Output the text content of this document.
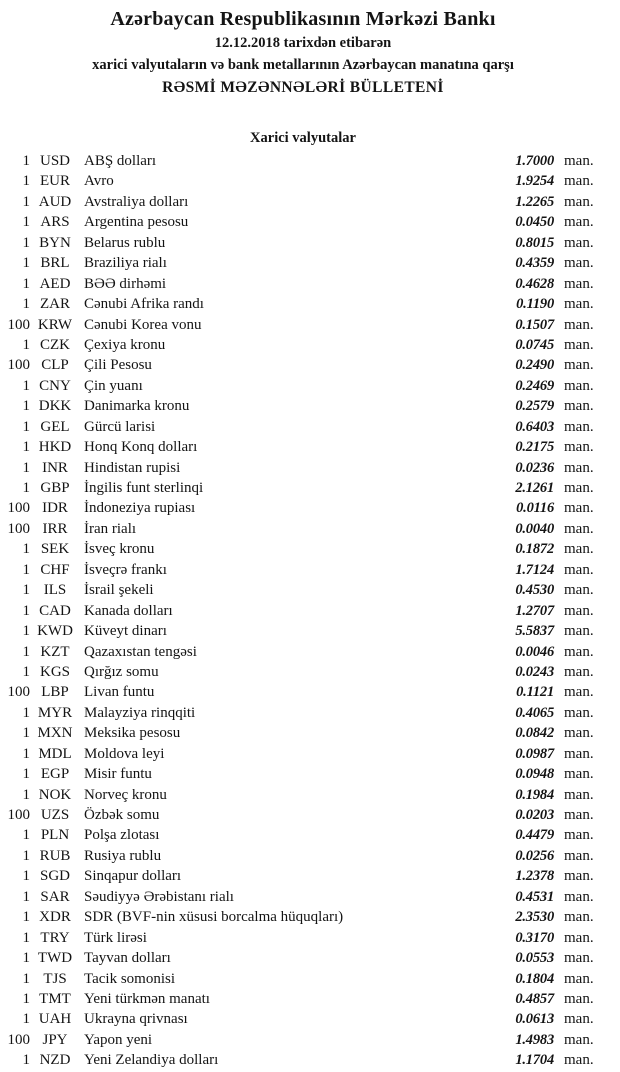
Azərbaycan Respublikasının Mərkəzi Bankı
12.12.2018 tarixdən etibarən
xarici valyutaların və bank metallarının Azərbaycan manatına qarşı
RƏSMİ MƏZƏNNƏLƏRİ BÜLLETENİ
Xarici valyutalar
1 USD ABŞ dolları	1.7000 man.
1 EUR Avro	1.9254 man.
1 AUD Avstraliya dolları	1.2265 man.
1 ARS Argentina pesosu	0.0450 man.
1 BYN Belarus rublu	0.8015 man.
1 BRL Braziliya rialı	0.4359 man.
1 AED BƏƏ dirhəmi	0.4628 man.
1 ZAR Cənubi Afrika randı	0.1190 man.
100 KRW Cənubi Korea vonu	0.1507 man.
1 CZK Çexiya kronu	0.0745 man.
100 CLP	Çili Pesosu	0.2490 man.
1 CNY Çin yuanı	0.2469 man.
1 DKK Danimarka kronu	0.2579 man.
1 GEL Gürcü larisi	0.6403 man.
1 HKD Honq Konq dolları	0.2175 man.
1 INR	Hindistan rupisi	0.0236 man.
1 GBP İngilis funt sterlinqi	2.1261 man.
100 IDR	İndoneziya rupiası	0.0116 man.
100 IRR	İran rialı	0.0040 man.
1 SEK İsveç kronu	0.1872 man.
1 CHF İsveçrə frankı	1.7124 man.
1 ILS	İsrail şekeli	0.4530 man.
1 CAD Kanada dolları	1.2707 man.
1 KWD Küveyt dinarı	5.5837 man.
1 KZT Qazaxıstan tengəsi	0.0046 man.
1 KGS Qırğız somu	0.0243 man.
100 LBP	Livan funtu	0.1121 man.
1 MYR Malayziya rinqqiti	0.4065 man.
1 MXN Meksika pesosu	0.0842 man.
1 MDL Moldova leyi	0.0987 man.
1 EGP Misir funtu	0.0948 man.
1 NOK Norveç kronu	0.1984 man.
100 UZS Özbək somu	0.0203 man.
1 PLN Polşa zlotası	0.4479 man.
1 RUB Rusiya rublu	0.0256 man.
1 SGD Sinqapur dolları	1.2378 man.
1 SAR Səudiyyə Ərəbistanı rialı	0.4531 man.
1 XDR SDR (BVF-nin xüsusi borcalma hüquqları)	2.3530 man.
1 TRY Türk lirəsi	0.3170 man.
1 TWD Tayvan dolları	0.0553 man.
1 TJS	Tacik somonisi	0.1804 man.
1 TMT Yeni türkmən manatı	0.4857 man.
1 UAH Ukrayna qrivnası	0.0613 man.
100 JPY	Yapon yeni	1.4983 man.
1 NZD Yeni Zelandiya dolları	1.1704 man.
